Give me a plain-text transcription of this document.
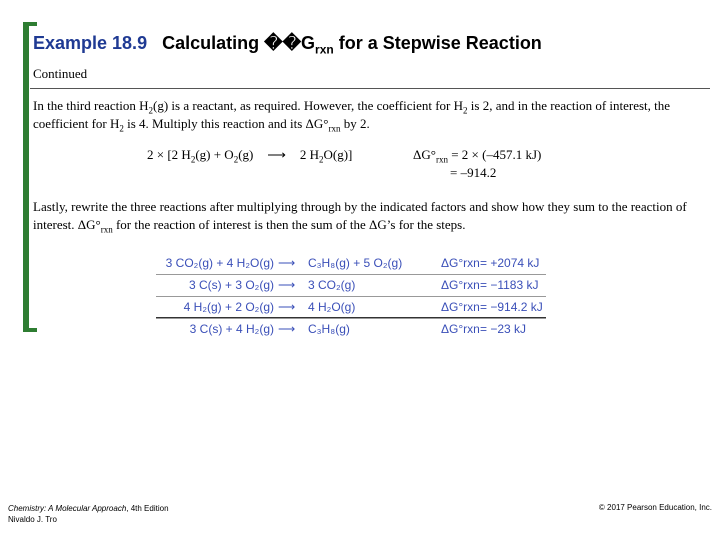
Example 18.9 Calculating $��G_{rxn}$ for a Stepwise Reaction
Continued
In the third reaction $H_2(g)$ is a reactant, as required. However, the coefficient for $H_2$ is 2, and in the reaction of interest, the coefficient for $H_2$ is 4. Multiply this reaction and its $\Delta G^\circ_{rxn}$ by 2.
2 × [2 $H_2(g) + O_2(g)$ ⟶ 2 $H_2O(g)$]	$\Delta G^\circ_{rxn} = 2 \times (-457.1$ kJ)
= –914.2
Lastly, rewrite the three reactions after multiplying through by the indicated factors and show how they sum to the reaction of interest. $\Delta G^\circ_{rxn}$ for the reaction of interest is then the sum of the ΔG’s for the steps.
3 CO₂(g) + 4 H₂O(g) ⟶ C₃H₈(g) + 5 O₂(g)	ΔG°rxn = +2074 kJ
3 C(s) + 3 O₂(g) ⟶ 3 CO₂(g)	ΔG°rxn = −1183 kJ
4 H₂(g) + 2 O₂(g) ⟶ 4 H₂O(g)	ΔG°rxn = −914.2 kJ
3 C(s) + 4 H₂(g) ⟶ C₃H₈(g)	ΔG°rxn = −23 kJ
Chemistry: A Molecular Approach, 4th Edition
Nivaldo J. Tro
© 2017 Pearson Education, Inc.
